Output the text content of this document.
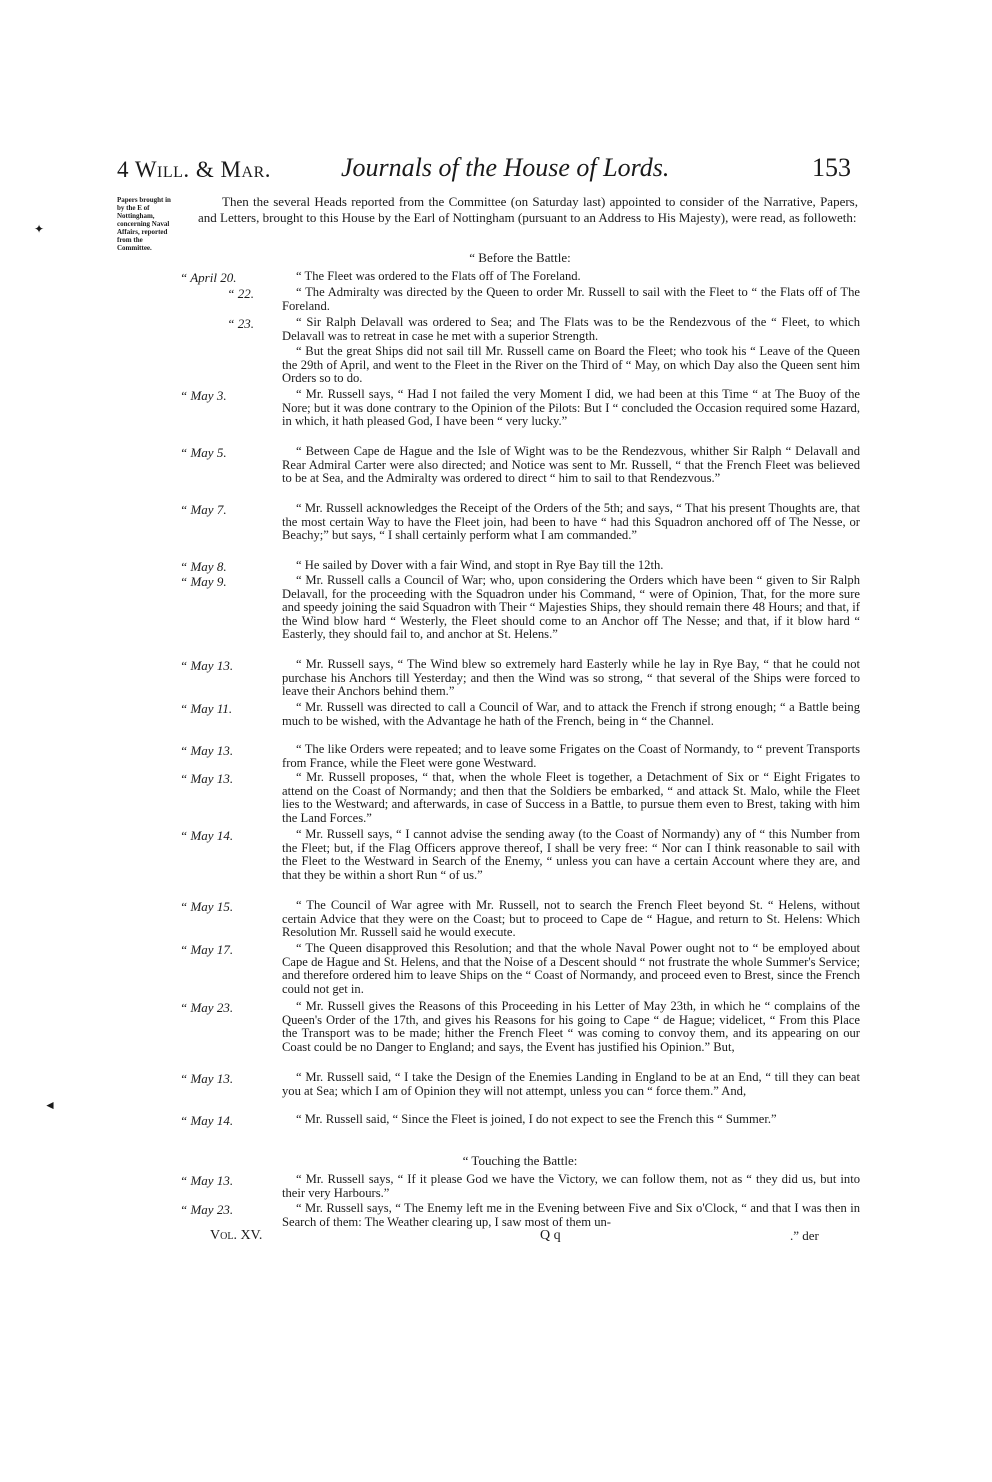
4 Will. & Mar.	Journals of the House of Lords.	153
Papers brought in by the E of Nottingham, concerning Naval Affairs, reported from the Committee.
Then the several Heads reported from the Committee (on Saturday last) appointed to consider of the Narrative, Papers, and Letters, brought to this House by the Earl of Nottingham (pursuant to an Address to His Majesty), were read, as followeth:
“ Before the Battle:
“ April 20.	“ The Fleet was ordered to the Flats off of The Foreland.
“ 22.	“ The Admiralty was directed by the Queen to order Mr. Russell to sail with the Fleet to “ the Flats off of The Foreland.
“ 23.	“ Sir Ralph Delavall was ordered to Sea; and The Flats was to be the Rendezvous of the “ Fleet, to which Delavall was to retreat in case he met with a superior Strength.
“ But the great Ships did not sail till Mr. Russell came on Board the Fleet; who took his “ Leave of the Queen the 29th of April, and went to the Fleet in the River on the Third of “ May, on which Day also the Queen sent him Orders so to do.
“ May 3.	“ Mr. Russell says, “ Had I not failed the very Moment I did, we had been at this Time “ at The Buoy of the Nore; but it was done contrary to the Opinion of the Pilots: But I “ concluded the Occasion required some Hazard, in which, it hath pleased God, I have been “ very lucky.”
“ May 5.	“ Between Cape de Hague and the Isle of Wight was to be the Rendezvous, whither Sir Ralph “ Delavall and Rear Admiral Carter were also directed; and Notice was sent to Mr. Russell, “ that the French Fleet was believed to be at Sea, and the Admiralty was ordered to direct “ him to sail to that Rendezvous.”
“ May 7.	“ Mr. Russell acknowledges the Receipt of the Orders of the 5th; and says, “ That his present Thoughts are, that the most certain Way to have the Fleet join, had been to have “ had this Squadron anchored off of The Nesse, or Beachy;” but says, “ I shall certainly perform what I am commanded.”
“ May 8.	“ He sailed by Dover with a fair Wind, and stopt in Rye Bay till the 12th.
“ May 9.	“ Mr. Russell calls a Council of War; who, upon considering the Orders which have been “ given to Sir Ralph Delavall, for the proceeding with the Squadron under his Command, “ were of Opinion, That, for the more sure and speedy joining the said Squadron with Their “ Majesties Ships, they should remain there 48 Hours; and that, if the Wind blow hard “ Westerly, the Fleet should come to an Anchor off The Nesse; and that, if it blow hard “ Easterly, they should fail to, and anchor at St. Helens.”
“ May 13.	“ Mr. Russell says, “ The Wind blew so extremely hard Easterly while he lay in Rye Bay, “ that he could not purchase his Anchors till Yesterday; and then the Wind was so strong, “ that several of the Ships were forced to leave their Anchors behind them.”
“ May 11.	“ Mr. Russell was directed to call a Council of War, and to attack the French if strong enough; “ a Battle being much to be wished, with the Advantage he hath of the French, being in “ the Channel.
“ May 13.	“ The like Orders were repeated; and to leave some Frigates on the Coast of Normandy, to “ prevent Transports from France, while the Fleet were gone Westward.
“ May 13.	“ Mr. Russell proposes, “ that, when the whole Fleet is together, a Detachment of Six or “ Eight Frigates to attend on the Coast of Normandy; and then that the Soldiers be embarked, “ and attack St. Malo, while the Fleet lies to the Westward; and afterwards, in case of Success in a Battle, to pursue them even to Brest, taking with him the Land Forces.”
“ May 14.	“ Mr. Russell says, “ I cannot advise the sending away (to the Coast of Normandy) any of “ this Number from the Fleet; but, if the Flag Officers approve thereof, I shall be very free: “ Nor can I think reasonable to sail with the Fleet to the Westward in Search of the Enemy, “ unless you can have a certain Account where they are, and that they be within a short Run “ of us.”
“ May 15.	“ The Council of War agree with Mr. Russell, not to search the French Fleet beyond St. “ Helens, without certain Advice that they were on the Coast; but to proceed to Cape de “ Hague, and return to St. Helens: Which Resolution Mr. Russell said he would execute.
“ May 17.	“ The Queen disapproved this Resolution; and that the whole Naval Power ought not to “ be employed about Cape de Hague and St. Helens, and that the Noise of a Descent should “ not frustrate the whole Summer's Service; and therefore ordered him to leave Ships on the “ Coast of Normandy, and proceed even to Brest, since the French could not get in.
“ May 23.	“ Mr. Russell gives the Reasons of this Proceeding in his Letter of May 23th, in which he “ complains of the Queen's Order of the 17th, and gives his Reasons for his going to Cape “ de Hague; videlicet, “ From this Place the Transport was to be made; hither the French Fleet “ was coming to convoy them, and its appearing on our Coast could be no Danger to England; and says, the Event has justified his Opinion.” But,
“ May 13.	“ Mr. Russell said, “ I take the Design of the Enemies Landing in England to be at an End, “ till they can beat you at Sea; which I am of Opinion they will not attempt, unless you can “ force them.” And,
“ May 14.	“ Mr. Russell said, “ Since the Fleet is joined, I do not expect to see the French this “ Summer.”
“ Touching the Battle:
“ May 13.	“ Mr. Russell says, “ If it please God we have the Victory, we can follow them, not as “ they did us, but into their very Harbours.”
“ May 23.	“ Mr. Russell says, “ The Enemy left me in the Evening between Five and Six o'Clock, “ and that I was then in Search of them: The Weather clearing up, I saw most of them un-
Vol. XV.	Q q	.” der
✦
◄
